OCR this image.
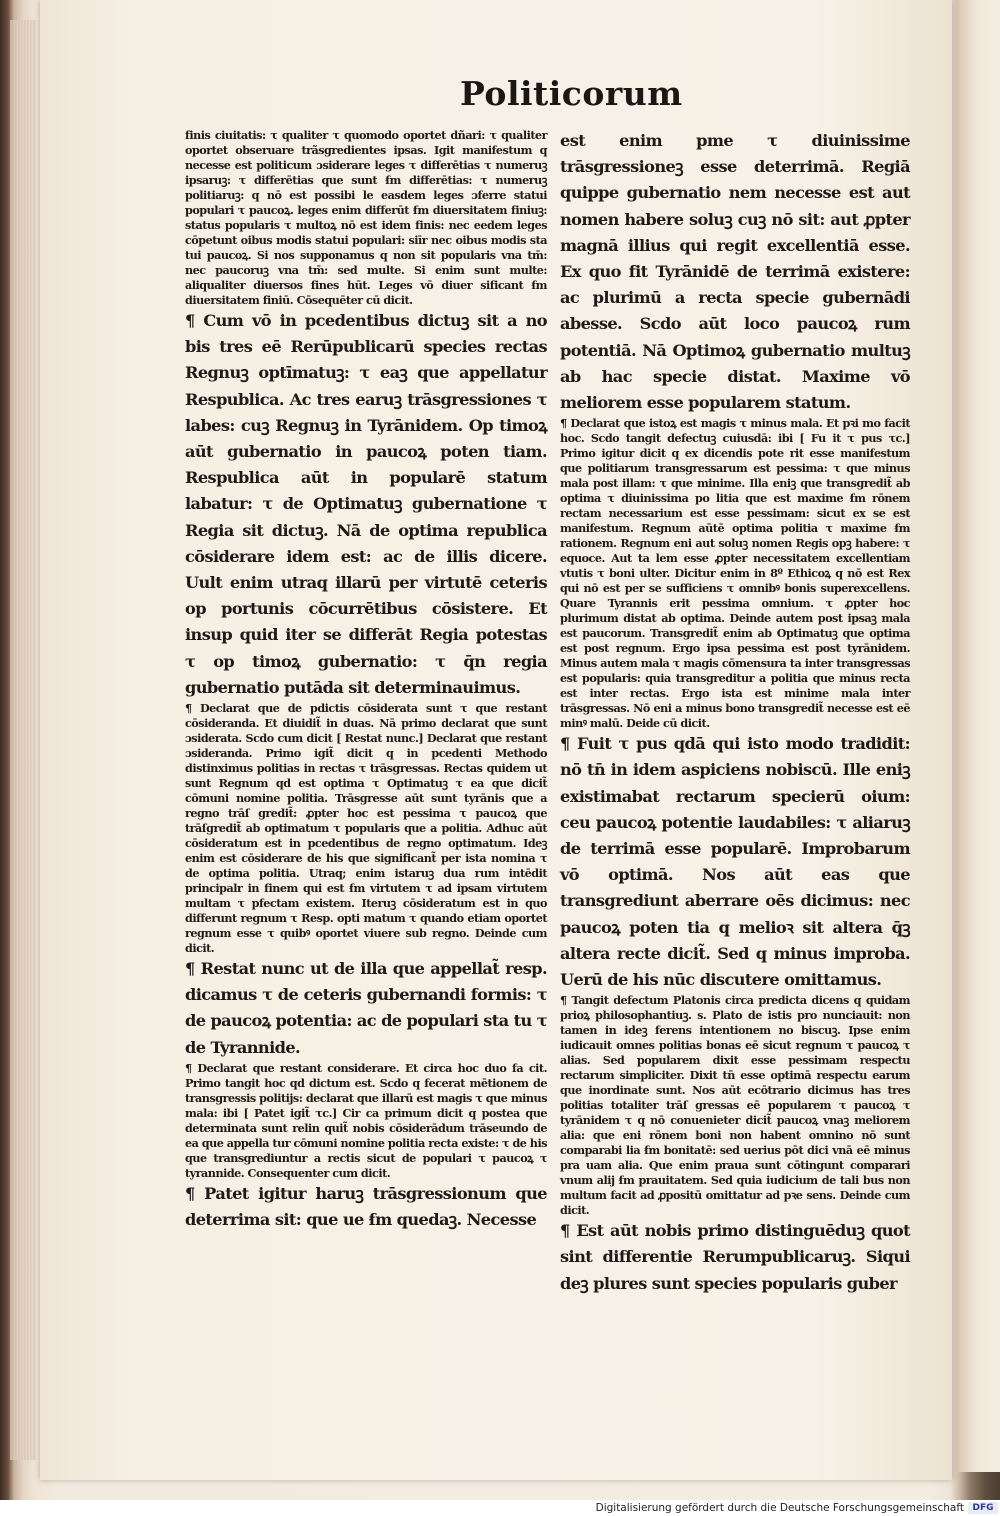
Politicorum

finis ciuitatis: τ qualiter τ quomodo oportet dñari: τ qualiter oportet obseruare trãsgredientes ipsas. Igit manifestum q necesse est politicum ɔsiderare leges τ differētias τ numeruꝫ ipsaruꝫ: τ differētias que sunt ẜm differētias: τ numeruꝫ politiaruꝫ: q nō est possibi le easdem leges ɔferre statui populari τ paucoꝝ. leges enim differūt ẜm diuersitatem finiuꝫ: status popularis τ multoꝝ nō est idem finis: nec eedem leges cōpetunt oibus modis statui populari: siīr nec oibus modis sta tui paucoꝝ. Si nos supponamus q non sit popularis vna tm̄: nec paucoruꝫ vna tm̄: sed multe. Si enim sunt multe: aliqualiter diuersos fines hūt. Leges vō diuer sificant ẜm diuersitatem finiū. Cōsequēter cū dicit.

¶ Cum vō in pcedentibus dictuꝫ sit a no bis tres eē Rerūpublicarū species rectas Regnuꝫ optīmatuꝫ: τ eaꝫ que appellatur Respublica. Ac tres earuꝫ trāsgressiones τ labes: cuꝫ Regnuꝫ in Tyrānidem. Op timoꝝ aūt gubernatio in paucoꝝ poten tiam. Respublica aūt in popularē statum labatur: τ de Optimatuꝫ gubernatione τ Regia sit dictuꝫ. Nā de optima republica cōsiderare idem est: ac de illis dicere. Uult enim utraq illarū per virtutē ceteris op portunis cōcurrētibus cōsistere. Et insup quid iter se differāt Regia potestas τ op timoꝝ gubernatio: τ q̄n regia gubernatio putāda sit determinauimus.

¶ Declarat que de pdictis cōsiderata sunt τ que restant cōsideranda. Et diuidit̃ in duas. Nā primo declarat que sunt ɔsiderata. Scdo cum dicit [ Restat nunc.] Declarat que restant ɔsideranda. Primo igit̃ dicit q in pcedenti Methodo distinximus politias in rectas τ trāsgressas. Rectas quidem ut sunt Regnum qd est optima τ Optimatuꝫ τ ea que dicit̃ cōmuni nomine politia. Trāsgresse aūt sunt tyrānis que a regno trāſ gredit̃: ꝓpter hoc est pessima τ paucoꝝ que trāſgredit̃ ab optimatum τ popularis que a politia. Adhuc aūt cōsideratum est in pcedentibus de regno optimatum. Ideꝫ enim est cōsiderare de his que significant̃ per ista nomina τ de optima politia. Utraq; enim istaruꝫ dua rum intēdit principalr in finem qui est ẜm virtutem τ ad ipsam virtutem multam τ pfectam existem. Iteruꝫ cōsideratum est in quo differunt regnum τ Resp. opti matum τ quando etiam oportet regnum esse τ quibꝰ oportet viuere sub regno. Deinde cum dicit.

¶ Restat nunc ut de illa que appellat̃ resp. dicamus τ de ceteris gubernandi formis: τ de paucoꝝ potentia: ac de populari sta tu τ de Tyrannide.

¶ Declarat que restant considerare. Et circa hoc duo fa cit. Primo tangit hoc qd dictum est. Scdo q fecerat mētionem de transgressis politijs: declarat que illarū est magis τ que minus mala: ibi [ Patet igit̃ τc.] Cir ca primum dicit q postea que determinata sunt relin quit̃ nobis cōsiderādum trāseundo de ea que appella tur cōmuni nomine politia recta existe: τ de his que transgrediuntur a rectis sicut de populari τ paucoꝝ τ tyrannide. Consequenter cum dicit.

¶ Patet igitur haruꝫ trāsgressionum que deterrima sit: que ue ẜm quedaꝫ. Necesse

est enim pme τ diuinissime trāsgressioneꝫ esse deterrimā. Regiā quippe gubernatio nem necesse est aut nomen habere soluꝫ cuꝫ nō sit: aut ꝓpter magnā illius qui regit excellentiā esse. Ex quo fit Tyrānidē de terrimā existere: ac plurimū a recta specie gubernādi abesse. Scdo aūt loco paucoꝝ rum potentiā. Nā Optimoꝝ gubernatio multuꝫ ab hac specie distat. Maxime vō meliorem esse popularem statum.

¶ Declarat que istoꝝ est magis τ minus mala. Et pꝛi mo facit hoc. Scdo tangit defectuꝫ cuiusdā: ibi [ Fu it τ pus τc.] Primo igitur dicit q ex dicendis pote rit esse manifestum que politiarum transgressarum est pessima: τ que minus mala post illam: τ que minime. Illa eniꝫ que transgredit̃ ab optima τ diuinissima po litia que est maxime ẜm rōnem rectam necessarium est esse pessimam: sicut ex se est manifestum. Regnum aūtē optima politia τ maxime ẜm rationem. Regnum eni aut soluꝫ nomen Regis opꝫ habere: τ equoce. Aut ta lem esse ꝓpter necessitatem excellentiam vtutis τ boni ulter. Dicitur enim in 8º Ethicoꝝ q nō est Rex qui nō est per se sufficiens τ omnibꝰ bonis superexcellens. Quare Tyrannis erit pessima omnium. τ ꝓpter hoc plurimum distat ab optima. Deinde autem post ipsaꝫ mala est paucorum. Transgredit̃ enim ab Optimatuꝫ que optima est post regnum. Ergo ipsa pessima est post tyrānidem. Minus autem mala τ magis cōmensura ta inter transgressas est popularis: quia transgreditur a politia que minus recta est inter rectas. Ergo ista est minime mala inter trāsgressas. Nō eni a minus bono transgredit̃ necesse est eē minꝰ malū. Deide cū dicit.

¶ Fuit τ pus qdā qui isto modo tradidit: nō tn̄ in idem aspiciens nobiscū. Ille eniꝫ existimabat rectarum specierū oium: ceu paucoꝝ potentie laudabiles: τ aliaruꝫ de terrimā esse popularē. Improbarum vō optimā. Nos aūt eas que transgrediunt aberrare oēs dicimus: nec paucoꝝ poten tia q melioꝛ sit altera q̄ꝫ altera recte dicit̃. Sed q minus improba. Uerū de his nūc discutere omittamus.

¶ Tangit defectum Platonis circa predicta dicens q quidam prioꝝ philosophantiuꝫ. s. Plato de istis pro nunciauit: non tamen in ideꝫ ferens intentionem no biscuꝫ. Ipse enim iudicauit omnes politias bonas eē sicut regnum τ paucoꝝ τ alias. Sed popularem dixit esse pessimam respectu rectarum simpliciter. Dixit tn̄ esse optimā respectu earum que inordinate sunt. Nos aūt ecōtrario dicimus has tres politias totaliter trāſ gressas eē popularem τ paucoꝝ τ tyrānidem τ q nō conuenieter dicit̃ paucoꝝ vnaꝫ meliorem alia: que eni rōnem boni non habent omnino nō sunt comparabi lia ẜm bonitatē: sed uerius pōt dici vnā eē minus pra uam alia. Que enim praua sunt cōtingunt comparari vnum alij ẜm prauitatem. Sed quia iudicium de tali bus non multum facit ad ꝓpositū omittatur ad pꝛe sens. Deinde cum dicit.

¶ Est aūt nobis primo distinguēduꝫ quot sint differentie Rerumpublicaruꝫ. Siqui deꝫ plures sunt species popularis guber

Digitalisierung gefördert durch die Deutsche Forschungsgemeinschaft DFG
